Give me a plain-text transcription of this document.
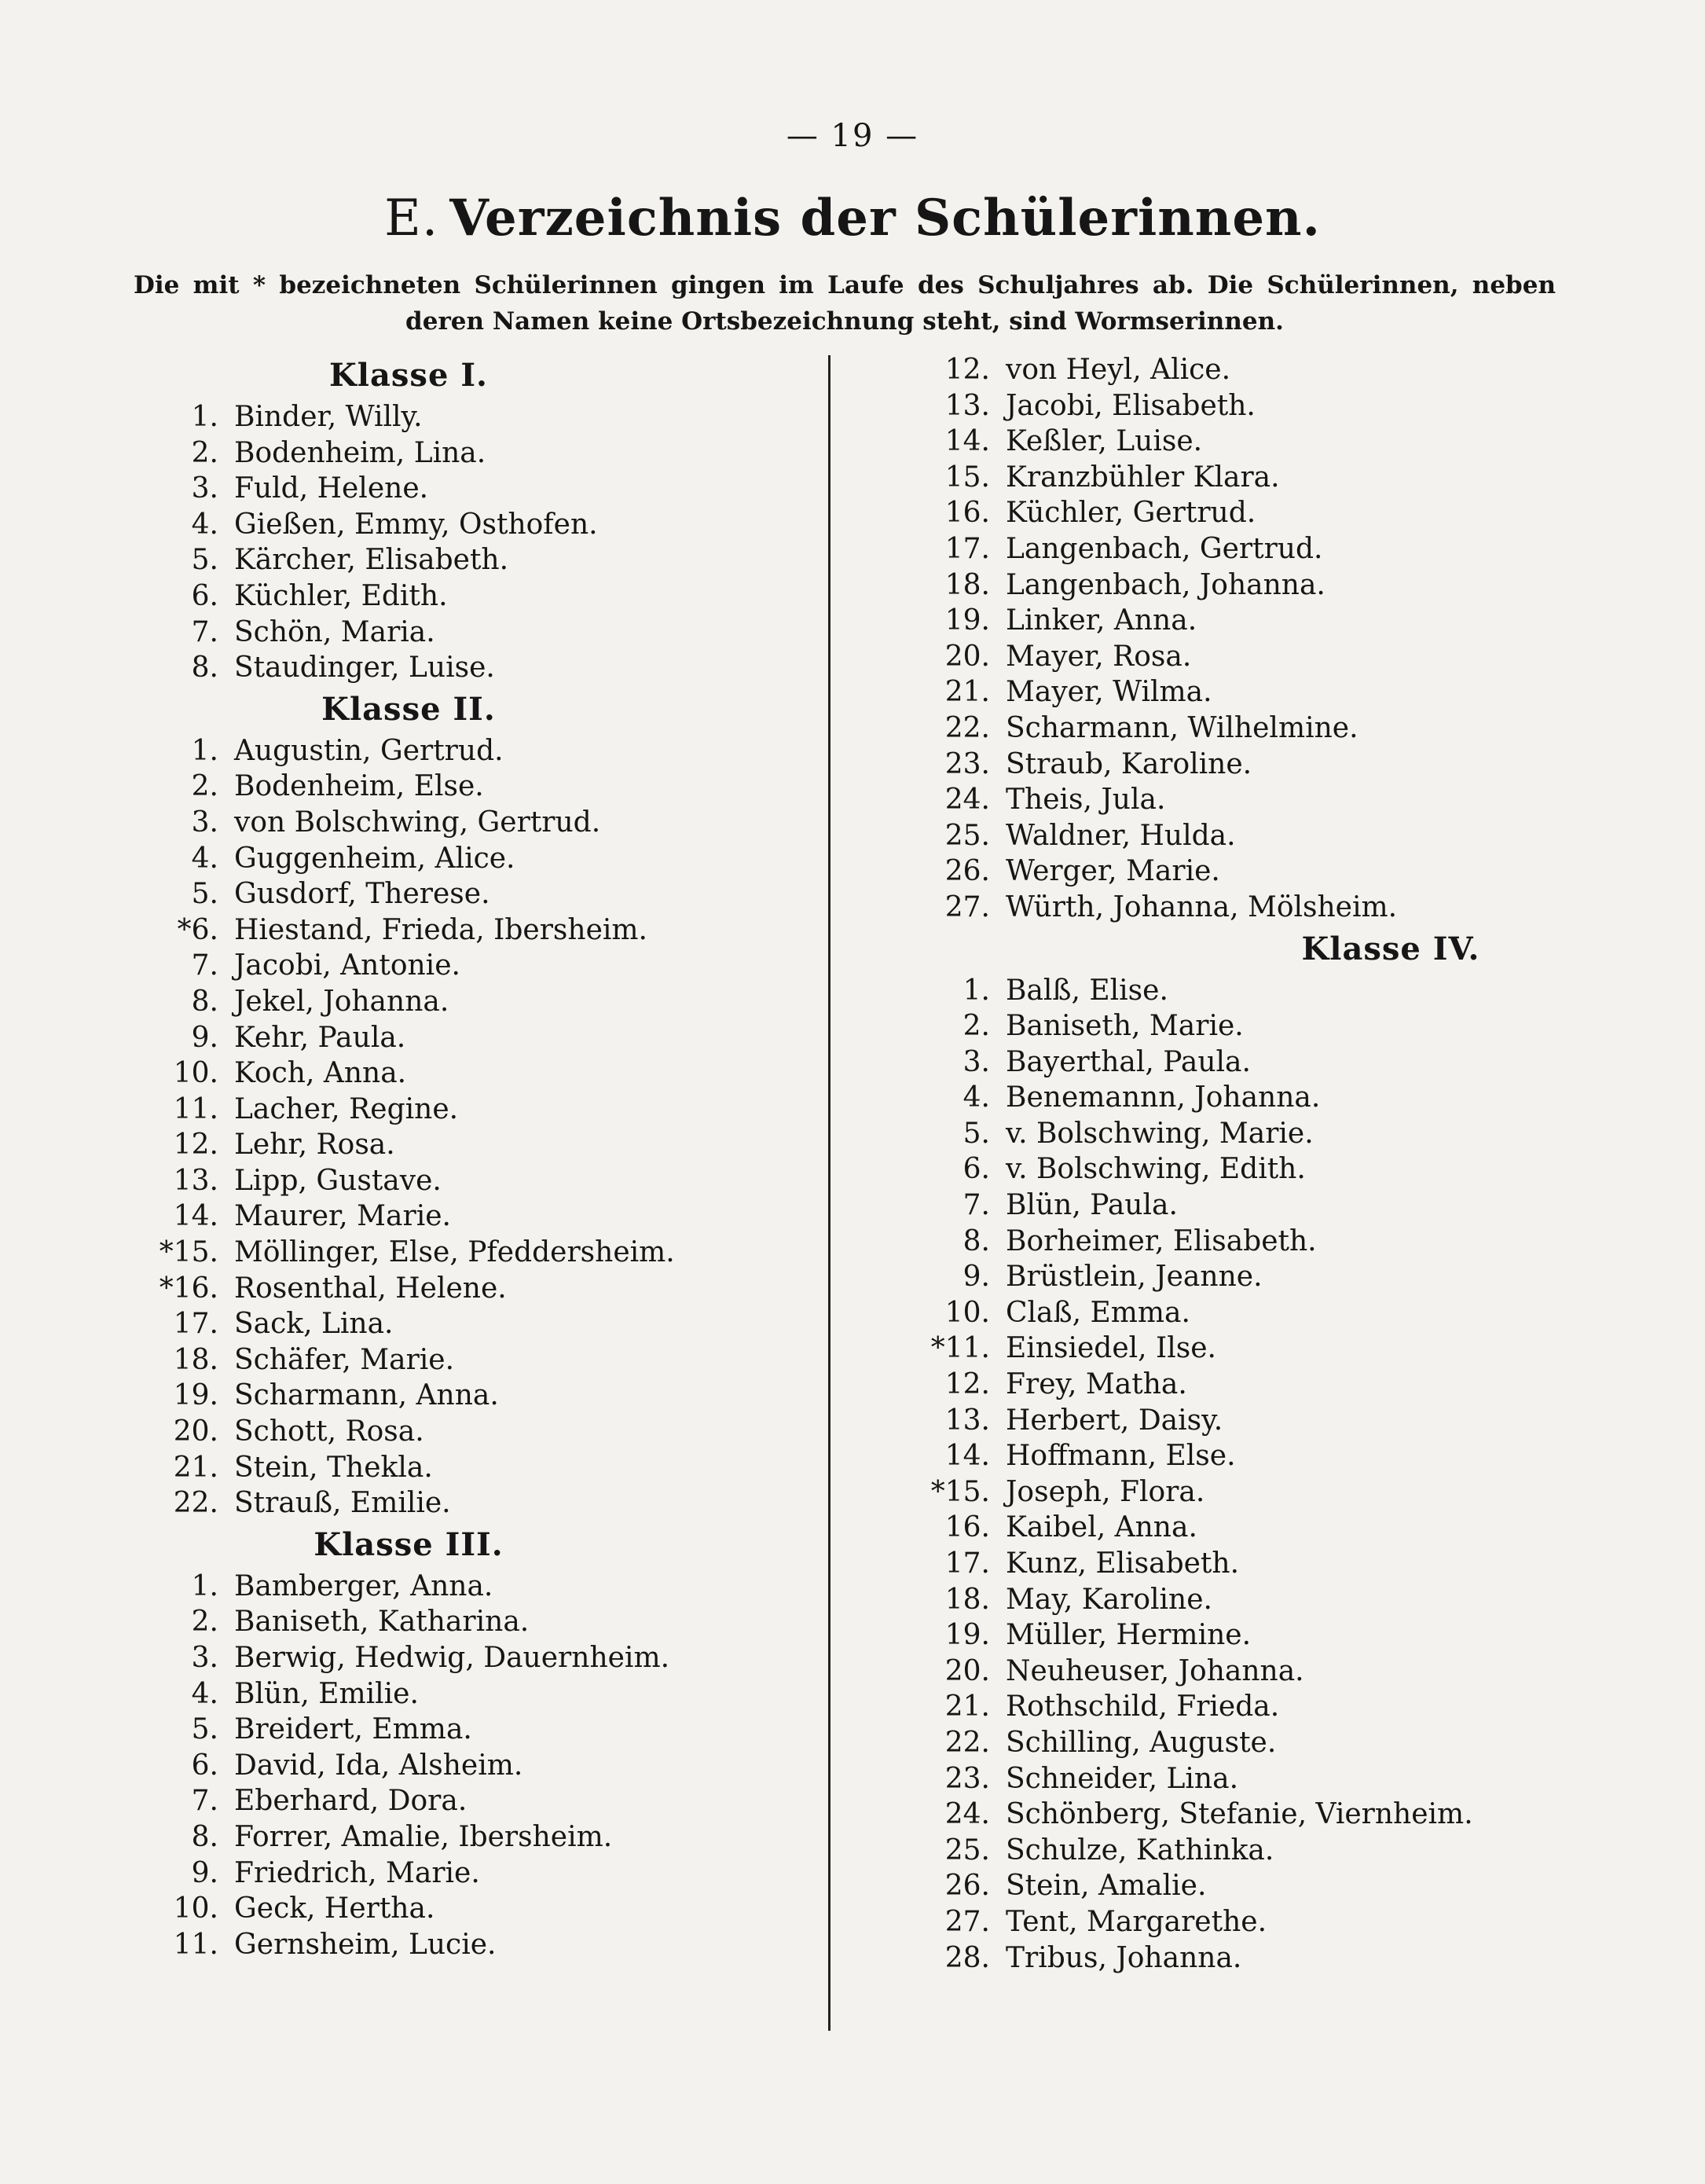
— 19 —
E. Verzeichnis der Schülerinnen.
Die mit * bezeichneten Schülerinnen gingen im Laufe des Schuljahres ab. Die Schülerinnen, neben deren Namen keine Ortsbezeichnung steht, sind Wormserinnen.
Klasse I.
1. Binder, Willy.
2. Bodenheim, Lina.
3. Fuld, Helene.
4. Gießen, Emmy, Osthofen.
5. Kärcher, Elisabeth.
6. Küchler, Edith.
7. Schön, Maria.
8. Staudinger, Luise.
Klasse II.
1. Augustin, Gertrud.
2. Bodenheim, Else.
3. von Bolschwing, Gertrud.
4. Guggenheim, Alice.
5. Gusdorf, Therese.
*6. Hiestand, Frieda, Ibersheim.
7. Jacobi, Antonie.
8. Jekel, Johanna.
9. Kehr, Paula.
10. Koch, Anna.
11. Lacher, Regine.
12. Lehr, Rosa.
13. Lipp, Gustave.
14. Maurer, Marie.
*15. Möllinger, Else, Pfeddersheim.
*16. Rosenthal, Helene.
17. Sack, Lina.
18. Schäfer, Marie.
19. Scharmann, Anna.
20. Schott, Rosa.
21. Stein, Thekla.
22. Strauß, Emilie.
Klasse III.
1. Bamberger, Anna.
2. Baniseth, Katharina.
3. Berwig, Hedwig, Dauernheim.
4. Blün, Emilie.
5. Breidert, Emma.
6. David, Ida, Alsheim.
7. Eberhard, Dora.
8. Forrer, Amalie, Ibersheim.
9. Friedrich, Marie.
10. Geck, Hertha.
11. Gernsheim, Lucie.
12. von Heyl, Alice.
13. Jacobi, Elisabeth.
14. Keßler, Luise.
15. Kranzbühler Klara.
16. Küchler, Gertrud.
17. Langenbach, Gertrud.
18. Langenbach, Johanna.
19. Linker, Anna.
20. Mayer, Rosa.
21. Mayer, Wilma.
22. Scharmann, Wilhelmine.
23. Straub, Karoline.
24. Theis, Jula.
25. Waldner, Hulda.
26. Werger, Marie.
27. Würth, Johanna, Mölsheim.
Klasse IV.
1. Balß, Elise.
2. Baniseth, Marie.
3. Bayerthal, Paula.
4. Benemannn, Johanna.
5. v. Bolschwing, Marie.
6. v. Bolschwing, Edith.
7. Blün, Paula.
8. Borheimer, Elisabeth.
9. Brüstlein, Jeanne.
10. Claß, Emma.
*11. Einsiedel, Ilse.
12. Frey, Matha.
13. Herbert, Daisy.
14. Hoffmann, Else.
*15. Joseph, Flora.
16. Kaibel, Anna.
17. Kunz, Elisabeth.
18. May, Karoline.
19. Müller, Hermine.
20. Neuheuser, Johanna.
21. Rothschild, Frieda.
22. Schilling, Auguste.
23. Schneider, Lina.
24. Schönberg, Stefanie, Viernheim.
25. Schulze, Kathinka.
26. Stein, Amalie.
27. Tent, Margarethe.
28. Tribus, Johanna.
